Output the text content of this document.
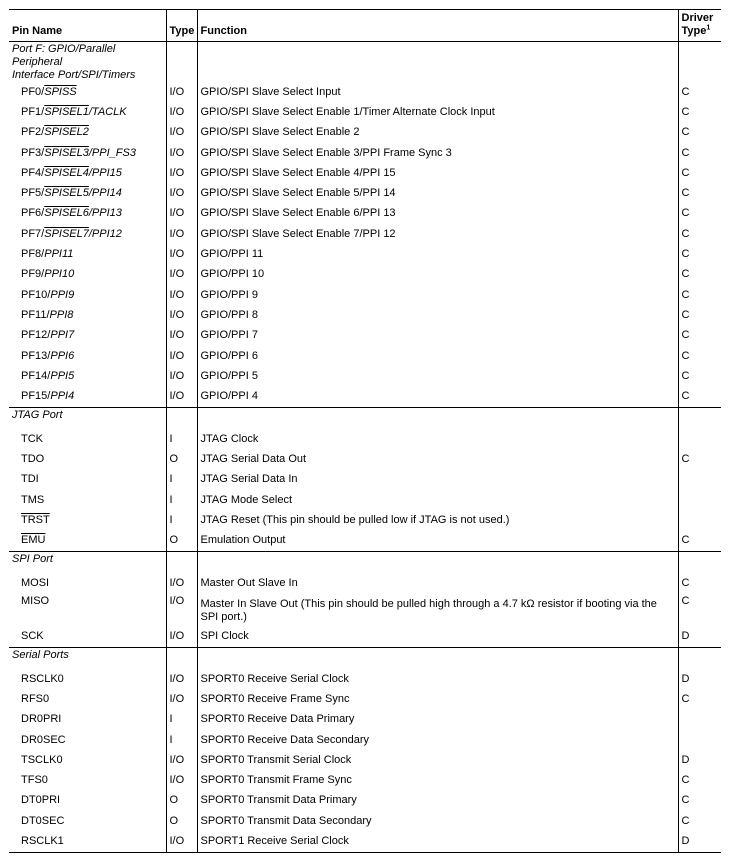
Pin Name	Type	Function	Driver
Type$^1$
Port F: GPIO/Parallel Peripheral
Interface Port/SPI/Timers			
PF0/SPISS	I/O	GPIO/SPI Slave Select Input	C
PF1/SPISEL1/TACLK	I/O	GPIO/SPI Slave Select Enable 1/Timer Alternate Clock Input	C
PF2/SPISEL2	I/O	GPIO/SPI Slave Select Enable 2	C
PF3/SPISEL3/PPI_FS3	I/O	GPIO/SPI Slave Select Enable 3/PPI Frame Sync 3	C
PF4/SPISEL4/PPI15	I/O	GPIO/SPI Slave Select Enable 4/PPI 15	C
PF5/SPISEL5/PPI14	I/O	GPIO/SPI Slave Select Enable 5/PPI 14	C
PF6/SPISEL6/PPI13	I/O	GPIO/SPI Slave Select Enable 6/PPI 13	C
PF7/SPISEL7/PPI12	I/O	GPIO/SPI Slave Select Enable 7/PPI 12	C
PF8/PPI11	I/O	GPIO/PPI 11	C
PF9/PPI10	I/O	GPIO/PPI 10	C
PF10/PPI9	I/O	GPIO/PPI 9	C
PF11/PPI8	I/O	GPIO/PPI 8	C
PF12/PPI7	I/O	GPIO/PPI 7	C
PF13/PPI6	I/O	GPIO/PPI 6	C
PF14/PPI5	I/O	GPIO/PPI 5	C
PF15/PPI4	I/O	GPIO/PPI 4	C
JTAG Port			
TCK	I	JTAG Clock	
TDO	O	JTAG Serial Data Out	C
TDI	I	JTAG Serial Data In	
TMS	I	JTAG Mode Select	
TRST	I	JTAG Reset (This pin should be pulled low if JTAG is not used.)	
$\overline{EMU}$	O	Emulation Output	C
SPI Port			
MOSI	I/O	Master Out Slave In	C
MISO	I/O	Master In Slave Out (This pin should be pulled high through a 4.7 kΩ resistor if booting via the SPI port.)	C
SCK	I/O	SPI Clock	D
Serial Ports			
RSCLK0	I/O	SPORT0 Receive Serial Clock	D
RFS0	I/O	SPORT0 Receive Frame Sync	C
DR0PRI	I	SPORT0 Receive Data Primary	
DR0SEC	I	SPORT0 Receive Data Secondary	
TSCLK0	I/O	SPORT0 Transmit Serial Clock	D
TFS0	I/O	SPORT0 Transmit Frame Sync	C
DT0PRI	O	SPORT0 Transmit Data Primary	C
DT0SEC	O	SPORT0 Transmit Data Secondary	C
RSCLK1	I/O	SPORT1 Receive Serial Clock	D
